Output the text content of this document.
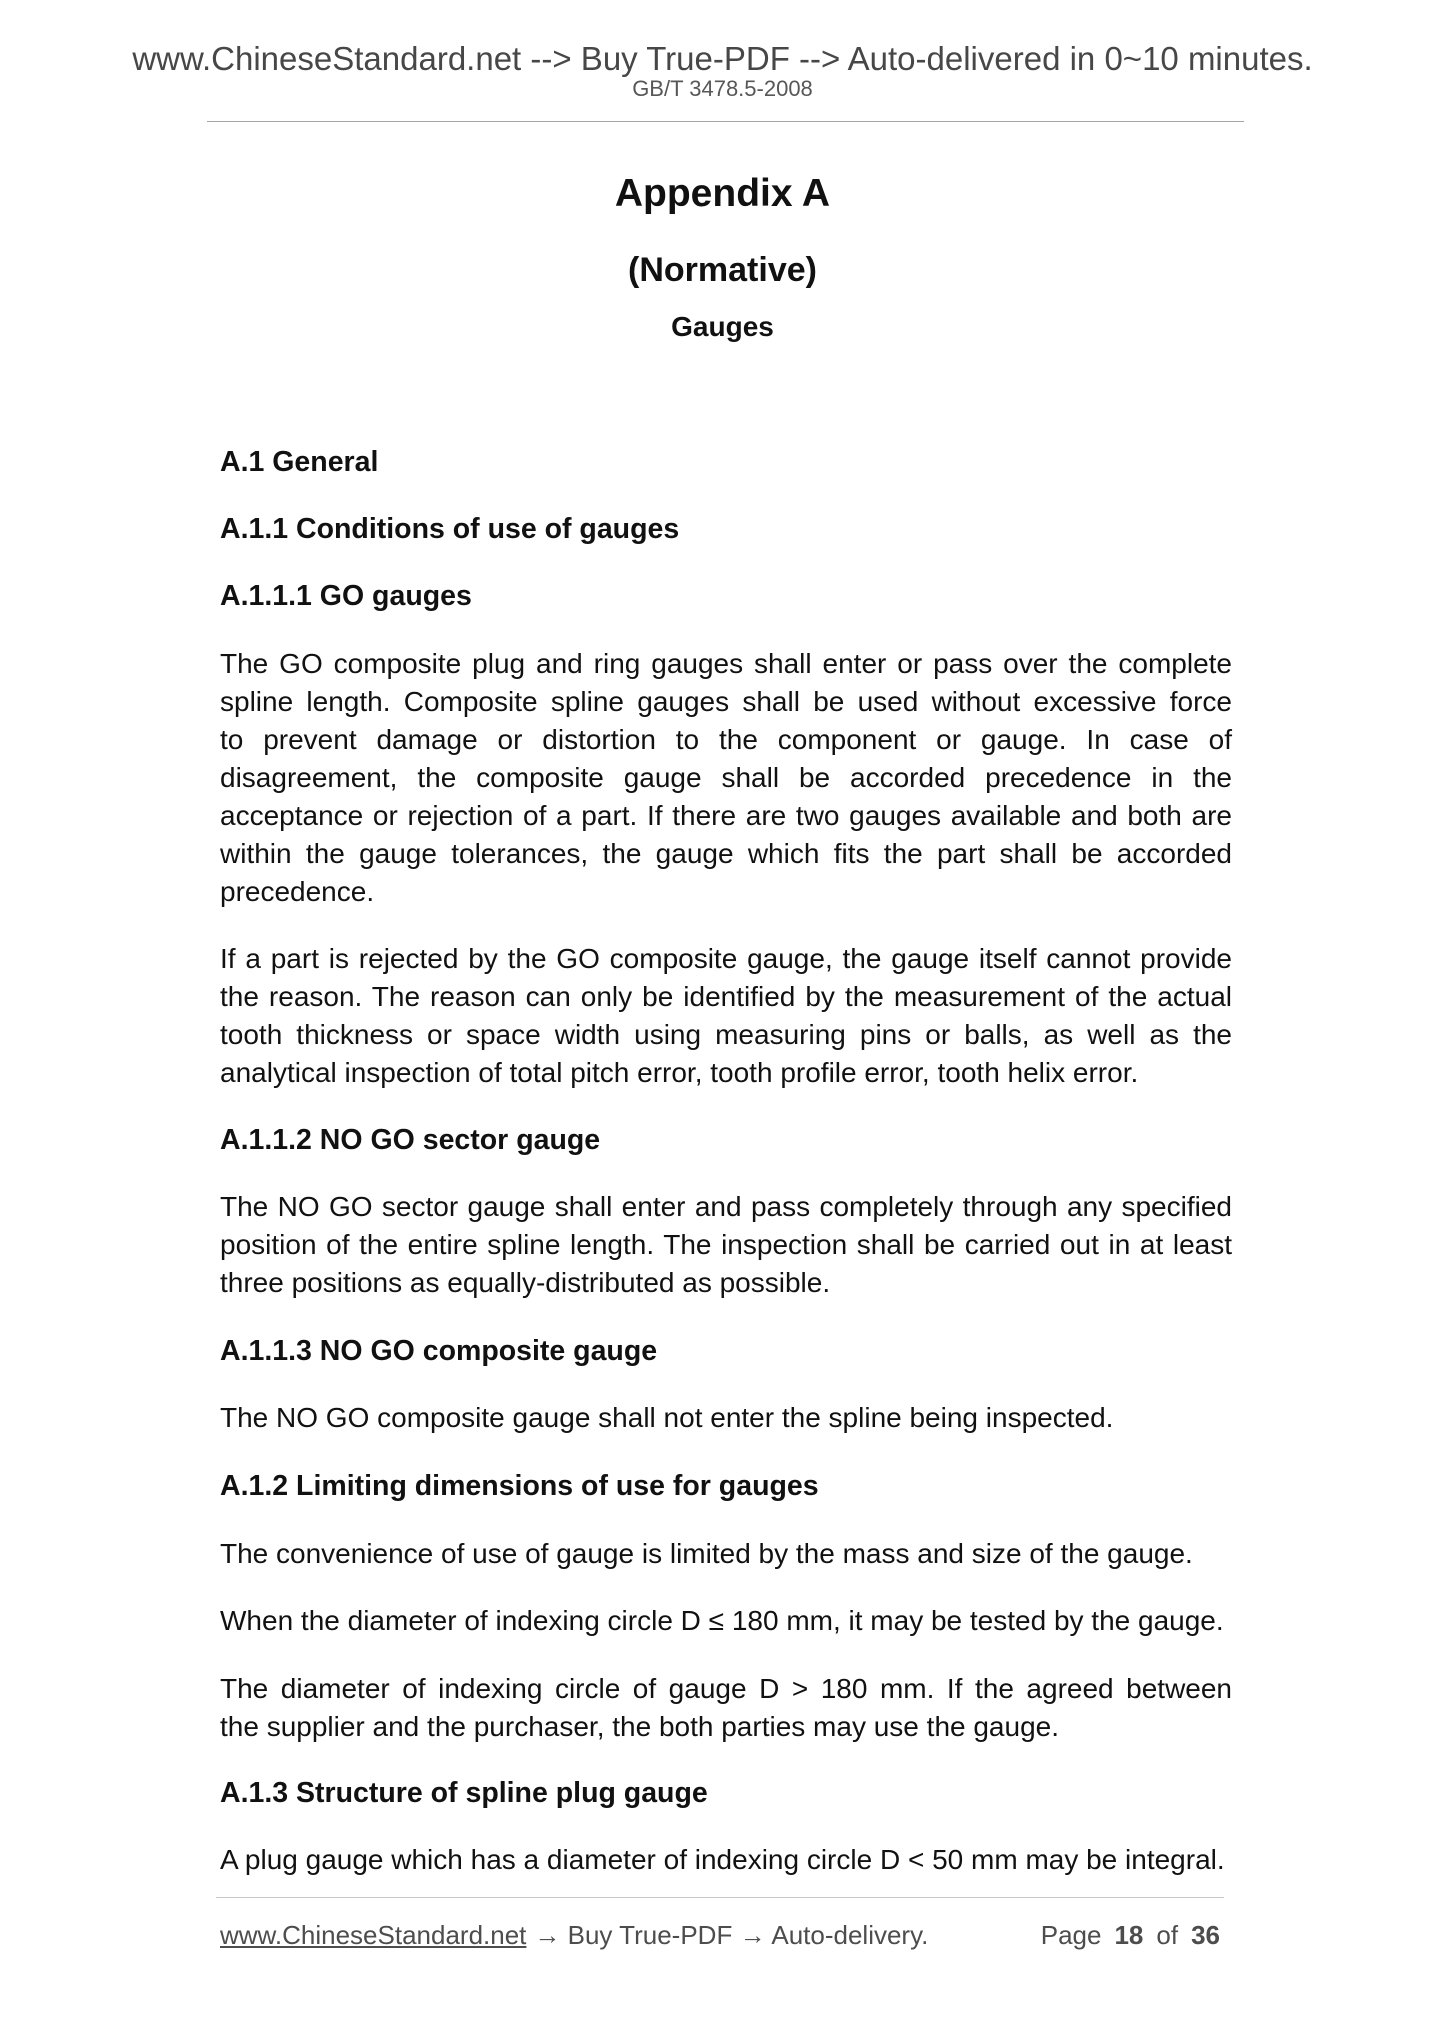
www.ChineseStandard.net --> Buy True-PDF --> Auto-delivered in 0~10 minutes.
GB/T 3478.5-2008
Appendix A
(Normative)
Gauges
A.1 General
A.1.1 Conditions of use of gauges
A.1.1.1 GO gauges
The GO composite plug and ring gauges shall enter or pass over the complete
spline length. Composite spline gauges shall be used without excessive force
to prevent damage or distortion to the component or gauge. In case of
disagreement, the composite gauge shall be accorded precedence in the
acceptance or rejection of a part. If there are two gauges available and both are
within the gauge tolerances, the gauge which fits the part shall be accorded
precedence.
If a part is rejected by the GO composite gauge, the gauge itself cannot provide
the reason. The reason can only be identified by the measurement of the actual
tooth thickness or space width using measuring pins or balls, as well as the
analytical inspection of total pitch error, tooth profile error, tooth helix error.
A.1.1.2 NO GO sector gauge
The NO GO sector gauge shall enter and pass completely through any specified
position of the entire spline length. The inspection shall be carried out in at least
three positions as equally-distributed as possible.
A.1.1.3 NO GO composite gauge
The NO GO composite gauge shall not enter the spline being inspected.
A.1.2 Limiting dimensions of use for gauges
The convenience of use of gauge is limited by the mass and size of the gauge.
When the diameter of indexing circle D ≤ 180 mm, it may be tested by the gauge.
The diameter of indexing circle of gauge D > 180 mm. If the agreed between
the supplier and the purchaser, the both parties may use the gauge.
A.1.3 Structure of spline plug gauge
A plug gauge which has a diameter of indexing circle D < 50 mm may be integral.
www.ChineseStandard.net → Buy True-PDF → Auto-delivery.	Page 18 of 36
